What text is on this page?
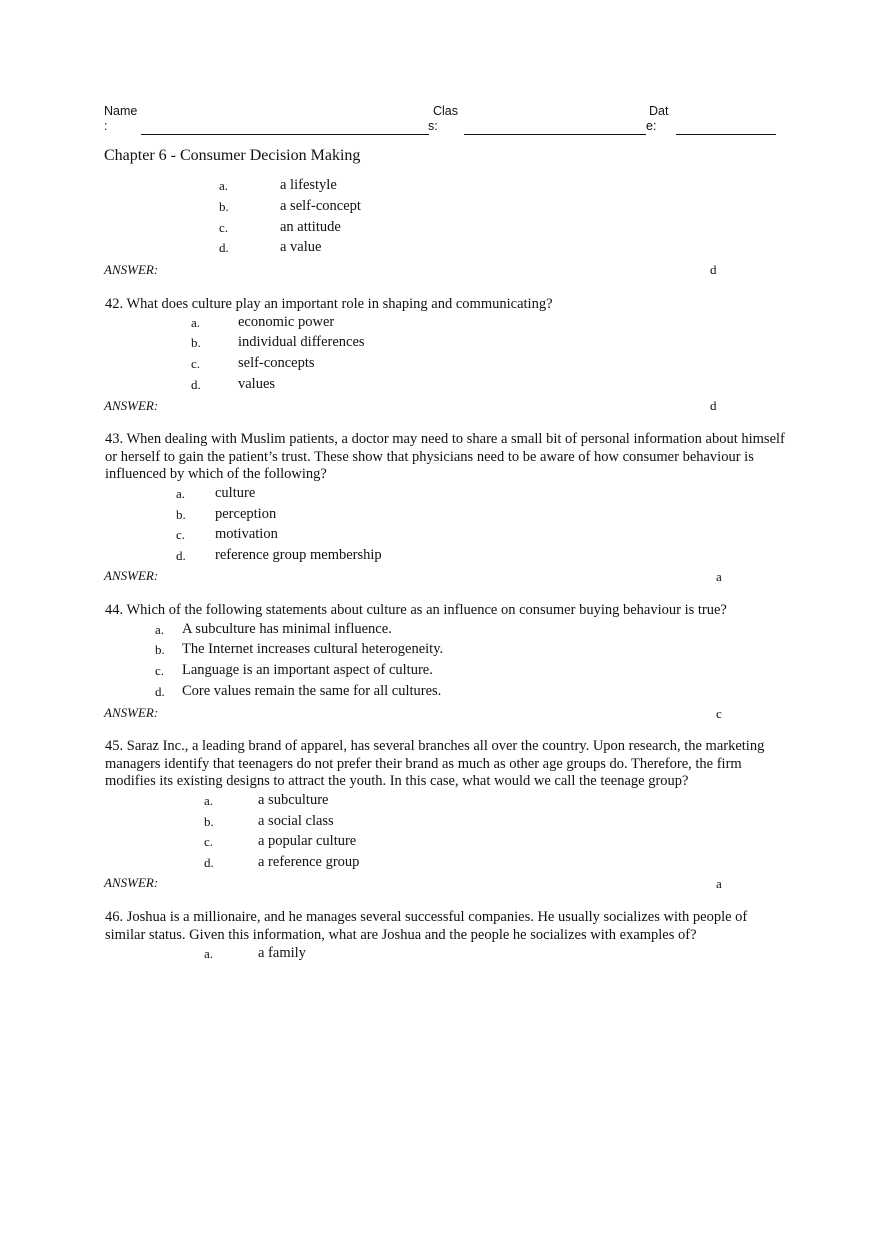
Name
:
Clas
s:
Dat
e:
Chapter 6 - Consumer Decision Making
a.	a lifestyle
b.	a self-concept
c.	an attitude
d.	a value
ANSWER:	d
42. What does culture play an important role in shaping and communicating?
a.	economic power
b.	individual differences
c.	self-concepts
d.	values
ANSWER:	d
43. When dealing with Muslim patients, a doctor may need to share a small bit of personal information about himself or herself to gain the patient’s trust. These show that physicians need to be aware of how consumer behaviour is influenced by which of the following?
a. culture
b. perception
c. motivation
d. reference group membership
ANSWER:	a
44. Which of the following statements about culture as an influence on consumer buying behaviour is true?
a. A subculture has minimal influence.
b. The Internet increases cultural heterogeneity.
c. Language is an important aspect of culture.
d. Core values remain the same for all cultures.
ANSWER:	c
45. Saraz Inc., a leading brand of apparel, has several branches all over the country. Upon research, the marketing managers identify that teenagers do not prefer their brand as much as other age groups do. Therefore, the firm modifies its existing designs to attract the youth. In this case, what would we call the teenage group?
a.	a subculture
b.	a social class
c.	a popular culture
d.	a reference group
ANSWER:	a
46. Joshua is a millionaire, and he manages several successful companies. He usually socializes with people of similar status. Given this information, what are Joshua and the people he socializes with examples of?
a.	a family
